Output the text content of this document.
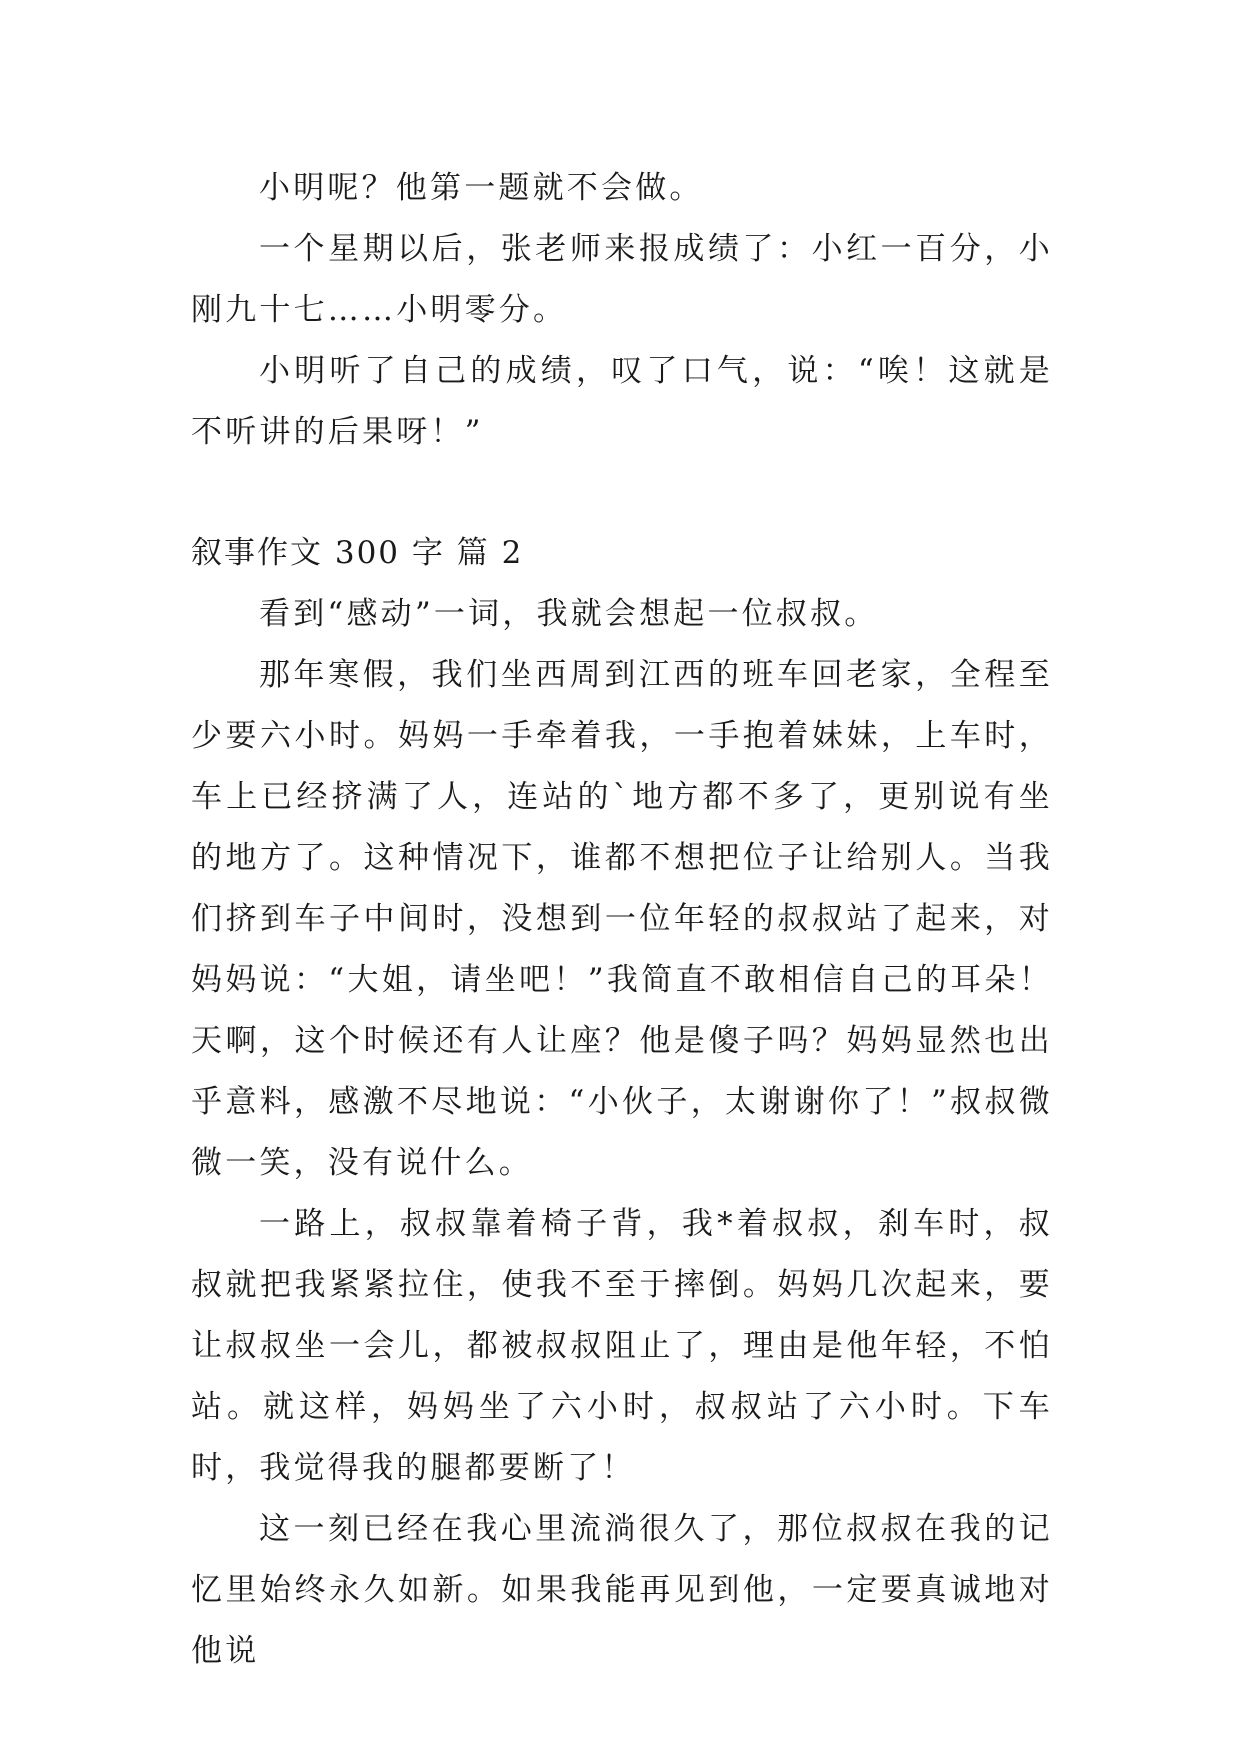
小明呢？他第一题就不会做。

一个星期以后，张老师来报成绩了：小红一百分，小刚九十七……小明零分。

小明听了自己的成绩，叹了口气，说：“唉！这就是不听讲的后果呀！”

叙事作文 300 字 篇 2

看到“感动”一词，我就会想起一位叔叔。

那年寒假，我们坐西周到江西的班车回老家，全程至少要六小时。妈妈一手牵着我，一手抱着妹妹，上车时，车上已经挤满了人，连站的`地方都不多了，更别说有坐的地方了。这种情况下，谁都不想把位子让给别人。当我们挤到车子中间时，没想到一位年轻的叔叔站了起来，对妈妈说：“大姐，请坐吧！”我简直不敢相信自己的耳朵！天啊，这个时候还有人让座？他是傻子吗？妈妈显然也出乎意料，感激不尽地说：“小伙子，太谢谢你了！”叔叔微微一笑，没有说什么。

一路上，叔叔靠着椅子背，我*着叔叔，刹车时，叔叔就把我紧紧拉住，使我不至于摔倒。妈妈几次起来，要让叔叔坐一会儿，都被叔叔阻止了，理由是他年轻，不怕站。就这样，妈妈坐了六小时，叔叔站了六小时。下车时，我觉得我的腿都要断了！

这一刻已经在我心里流淌很久了，那位叔叔在我的记忆里始终永久如新。如果我能再见到他，一定要真诚地对他说
